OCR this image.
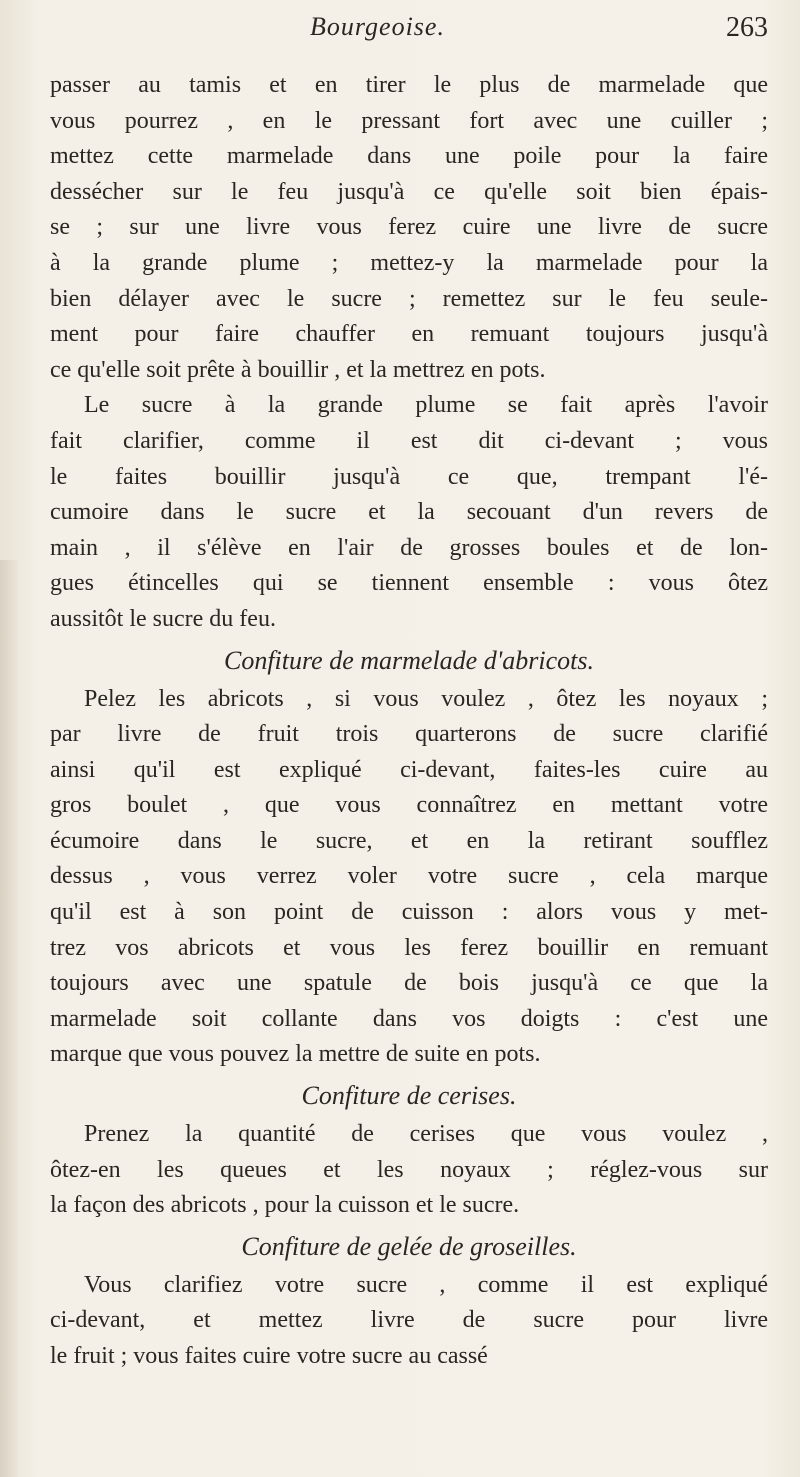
Bourgeoise.	263
passer au tamis et en tirer le plus de marmelade que
vous pourrez , en le pressant fort avec une cuiller ;
mettez cette marmelade dans une poile pour la faire
dessécher sur le feu jusqu'à ce qu'elle soit bien épais-
se ; sur une livre vous ferez cuire une livre de sucre
à la grande plume ; mettez-y la marmelade pour la
bien délayer avec le sucre ; remettez sur le feu seule-
ment pour faire chauffer en remuant toujours jusqu'à
ce qu'elle soit prête à bouillir , et la mettrez en pots.
Le sucre à la grande plume se fait après l'avoir
fait clarifier, comme il est dit ci-devant ; vous
le faites bouillir jusqu'à ce que, trempant l'é-
cumoire dans le sucre et la secouant d'un revers de
main , il s'élève en l'air de grosses boules et de lon-
gues étincelles qui se tiennent ensemble : vous ôtez
aussitôt le sucre du feu.
Confiture de marmelade d'abricots.
Pelez les abricots , si vous voulez , ôtez les noyaux ;
par livre de fruit trois quarterons de sucre clarifié
ainsi qu'il est expliqué ci-devant, faites-les cuire au
gros boulet , que vous connaîtrez en mettant votre
écumoire dans le sucre, et en la retirant soufflez
dessus , vous verrez voler votre sucre , cela marque
qu'il est à son point de cuisson : alors vous y met-
trez vos abricots et vous les ferez bouillir en remuant
toujours avec une spatule de bois jusqu'à ce que la
marmelade soit collante dans vos doigts : c'est une
marque que vous pouvez la mettre de suite en pots.
Confiture de cerises.
Prenez la quantité de cerises que vous voulez ,
ôtez-en les queues et les noyaux ; réglez-vous sur
la façon des abricots , pour la cuisson et le sucre.
Confiture de gelée de groseilles.
Vous clarifiez votre sucre , comme il est expliqué
ci-devant, et mettez livre de sucre pour livre
le fruit ; vous faites cuire votre sucre au cassé
